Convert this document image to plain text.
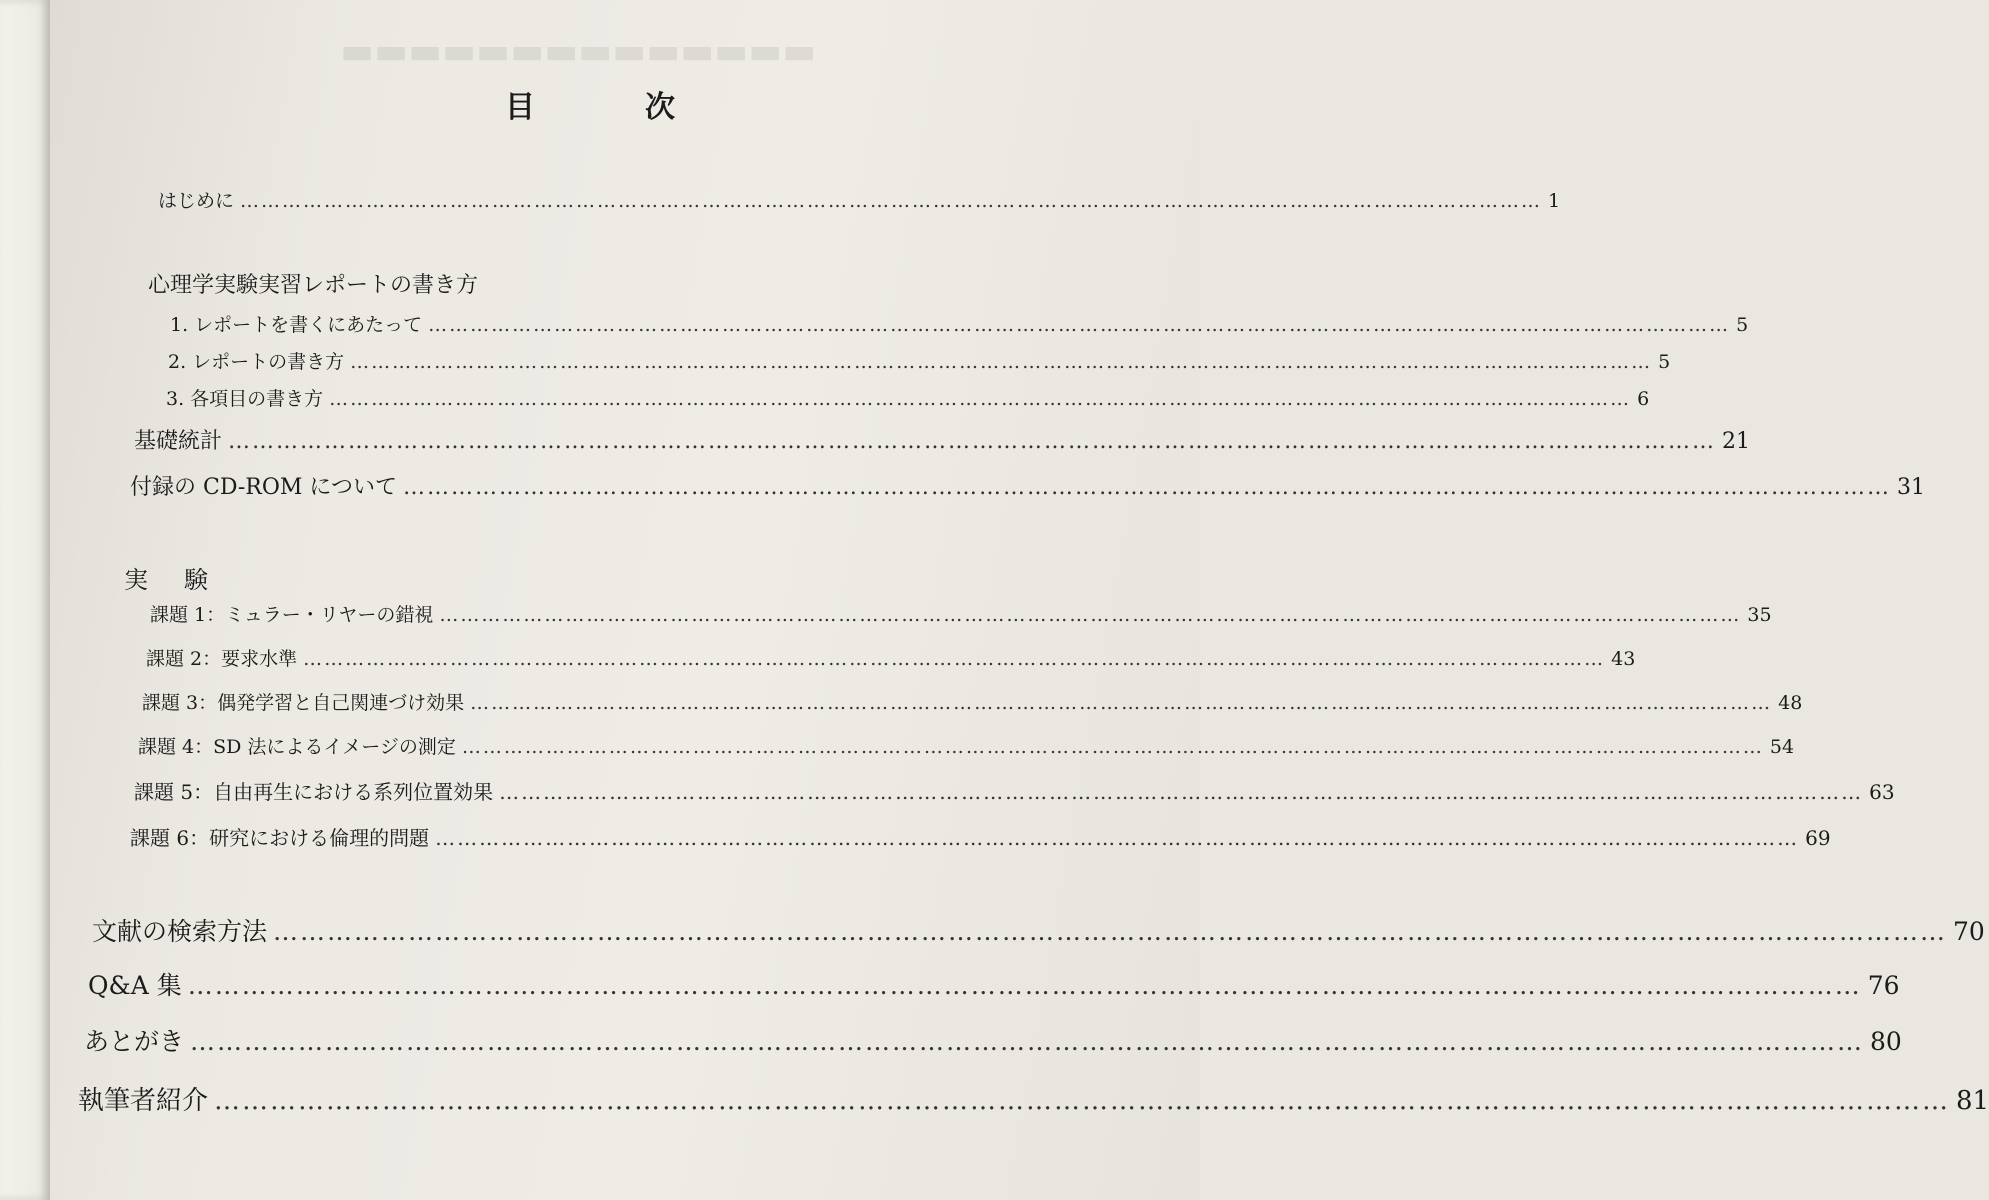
▬▬▬▬▬▬▬▬▬▬▬▬▬▬
目　次
はじめに …………………………………………………………………………………………………………………………………………………………………… 1
心理学実験実習レポートの書き方
1. レポートを書くにあたって …………………………………………………………………………………………………………………………………………………………………… 5
2. レポートの書き方 …………………………………………………………………………………………………………………………………………………………………… 5
3. 各項目の書き方 …………………………………………………………………………………………………………………………………………………………………… 6
基礎統計 …………………………………………………………………………………………………………………………………………………………………… 21
付録の CD-ROM について …………………………………………………………………………………………………………………………………………………………………… 31
実　験
課題 1：ミュラー・リヤーの錯視 …………………………………………………………………………………………………………………………………………………………………… 35
課題 2：要求水準 …………………………………………………………………………………………………………………………………………………………………… 43
課題 3：偶発学習と自己関連づけ効果 …………………………………………………………………………………………………………………………………………………………………… 48
課題 4：SD 法によるイメージの測定 …………………………………………………………………………………………………………………………………………………………………… 54
課題 5：自由再生における系列位置効果 …………………………………………………………………………………………………………………………………………………………………… 63
課題 6：研究における倫理的問題 …………………………………………………………………………………………………………………………………………………………………… 69
文献の検索方法 …………………………………………………………………………………………………………………………………………………………………… 70
Q&A 集 …………………………………………………………………………………………………………………………………………………………………… 76
あとがき …………………………………………………………………………………………………………………………………………………………………… 80
執筆者紹介 …………………………………………………………………………………………………………………………………………………………………… 81
